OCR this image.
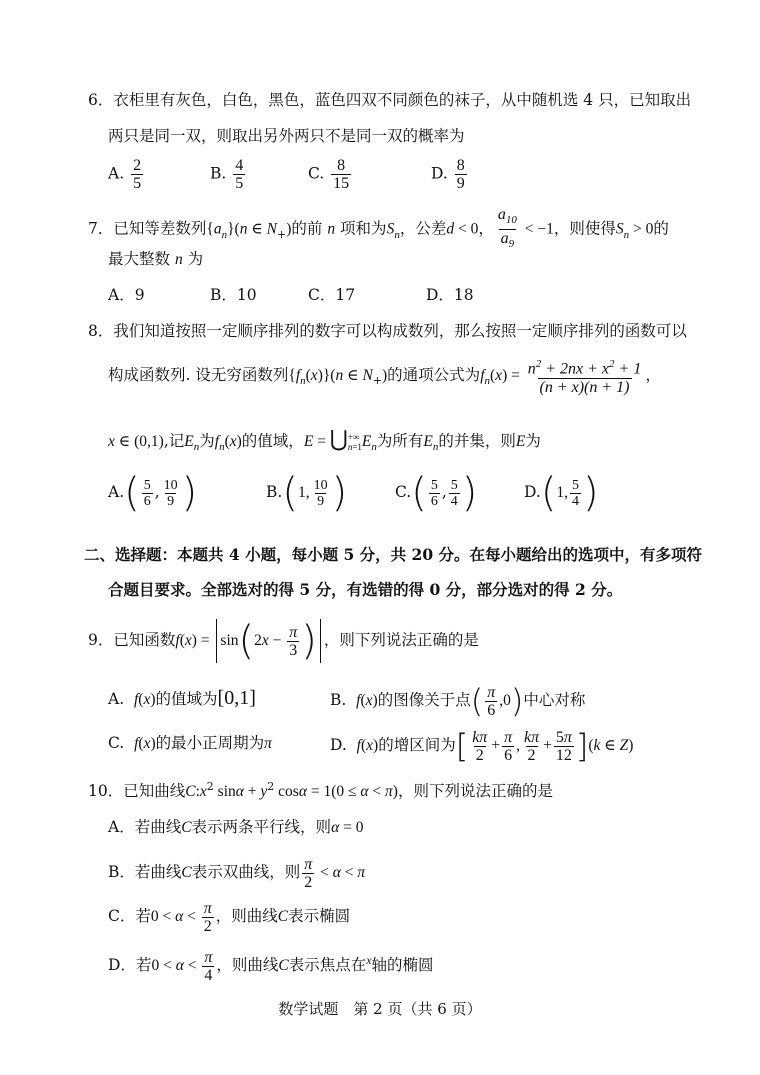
6．衣柜里有灰色，白色，黑色，蓝色四双不同颜色的袜子，从中随机选 4 只，已知取出
两只是同一双，则取出另外两只不是同一双的概率为
A. $\frac{2}{5}$	B. $\frac{4}{5}$	C. $\frac{8}{15}$	D. $\frac{8}{9}$
7．已知等差数列$\{a_n\}(n$ ∈ $N_+$)的前 n 项和为$S_n$，公差d < 0， $\frac{a_{10}}{a_9} < -1$，则使得$S_n > 0$的
最大整数 n 为
A．9	B．10	C．17	D．18
8．我们知道按照一定顺序排列的数字可以构成数列，那么按照一定顺序排列的函数可以
构成函数列. 设无穷函数列$\{f_n(x)\}(n$ ∈ $N_+$)的通项公式为$f_n(x) = \frac{n^2 + 2nx + x^2 + 1}{(n + x)(n + 1)}$ ，
x ∈ (0,1),记$E_n$为$f_n(x)$的值域，E = ⋃ +∞
n=1 $E_n$为所有$E_n$的并集，则E为
$A.( \frac{5}{6}$ , $\frac{10}{9}$ )	B.(1, $\frac{10}{9}$ )	$C.( \frac{5}{6}$ , $\frac{5}{4}$ )	D.(1, $\frac{5}{4}$ )
二、选择题：本题共 4 小题，每小题 5 分，共 20 分。在每小题给出的选项中，有多项符
合题目要求。全部选对的得 5 分，有选错的得 0 分，部分选对的得 2 分。
9．已知函数$f(x) = \sin(2x - \frac{\pi}{3}$ ) ，则下列说法正确的是
A.  f(x)的值域为[0,1]	B.  f(x)的图像关于点( $\frac{\pi}{6} ,0$)中心对称
C.  f(x)的最小正周期为π	D.  f(x)的增区间为[ $\frac{k\pi}{2} + \frac{\pi}{6}$ , $\frac{k\pi}{2} + \frac{5\pi}{12} ](k$ ∈ Z)
10．已知曲线$C:x^2$ $\sin\alpha + y^2$ cosα = 1(0 ≤ α < π)，则下列说法正确的是
A．若曲线C表示两条平行线，则α = 0
B．若曲线C表示双曲线，则 $\frac{\pi}{2} < \alpha < \pi$
C．若$0 < \alpha < \frac{\pi}{2}$ ，则曲线C表示椭圆
D．若$0 < \alpha < \frac{\pi}{4}$ ，则曲线C表示焦点在$^x$轴的椭圆
数学试题　第 2 页（共 6 页）
